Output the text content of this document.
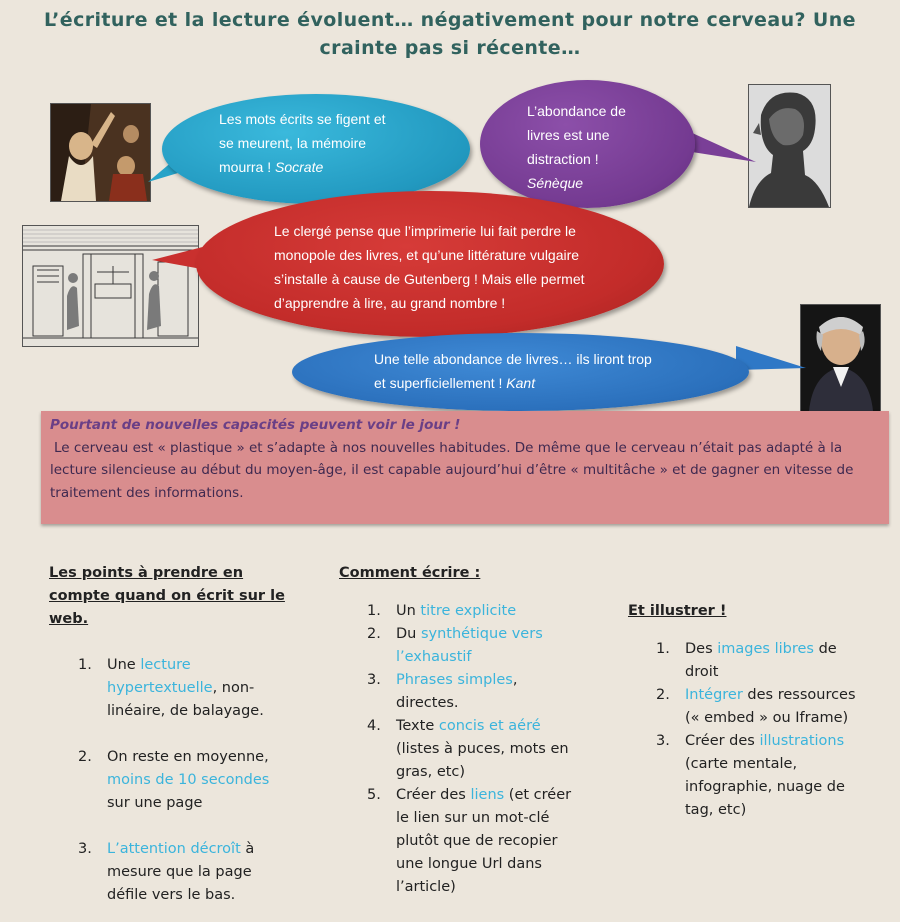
L’écriture et la lecture évoluent… négativement pour notre cerveau? Une
crainte pas si récente…
Les mots écrits se figent et
se meurent, la mémoire
mourra ! Socrate
L’abondance de
livres est une
distraction !
Sénèque
Le clergé pense que l’imprimerie lui fait perdre le
monopole des livres, et qu’une littérature vulgaire
s’installe à cause de Gutenberg ! Mais elle permet
d’apprendre à lire, au grand nombre !
Une telle abondance de livres… ils liront trop
et superficiellement ! Kant
Pourtant de nouvelles capacités peuvent voir le jour !
Le cerveau est « plastique » et s’adapte à nos nouvelles habitudes. De même que le cerveau n’était pas adapté à la lecture silencieuse au début du moyen-âge, il est capable aujourd’hui d’être « multitâche » et de gagner en vitesse de traitement des informations.
Les points à prendre en compte quand on écrit sur le web.
1. Une lecture hypertextuelle, non-linéaire, de balayage.
2. On reste en moyenne, moins de 10 secondes sur une page
3. L’attention décroît à mesure que la page défile vers le bas.
Comment écrire :
1. Un titre explicite
2. Du synthétique vers l’exhaustif
3. Phrases simples, directes.
4. Texte concis et aéré (listes à puces, mots en gras, etc)
5. Créer des liens (et créer le lien sur un mot-clé plutôt que de recopier une longue Url dans l’article)
Et illustrer !
1. Des images libres de droit
2. Intégrer des ressources (« embed » ou Iframe)
3. Créer des illustrations (carte mentale, infographie, nuage de tag, etc)
